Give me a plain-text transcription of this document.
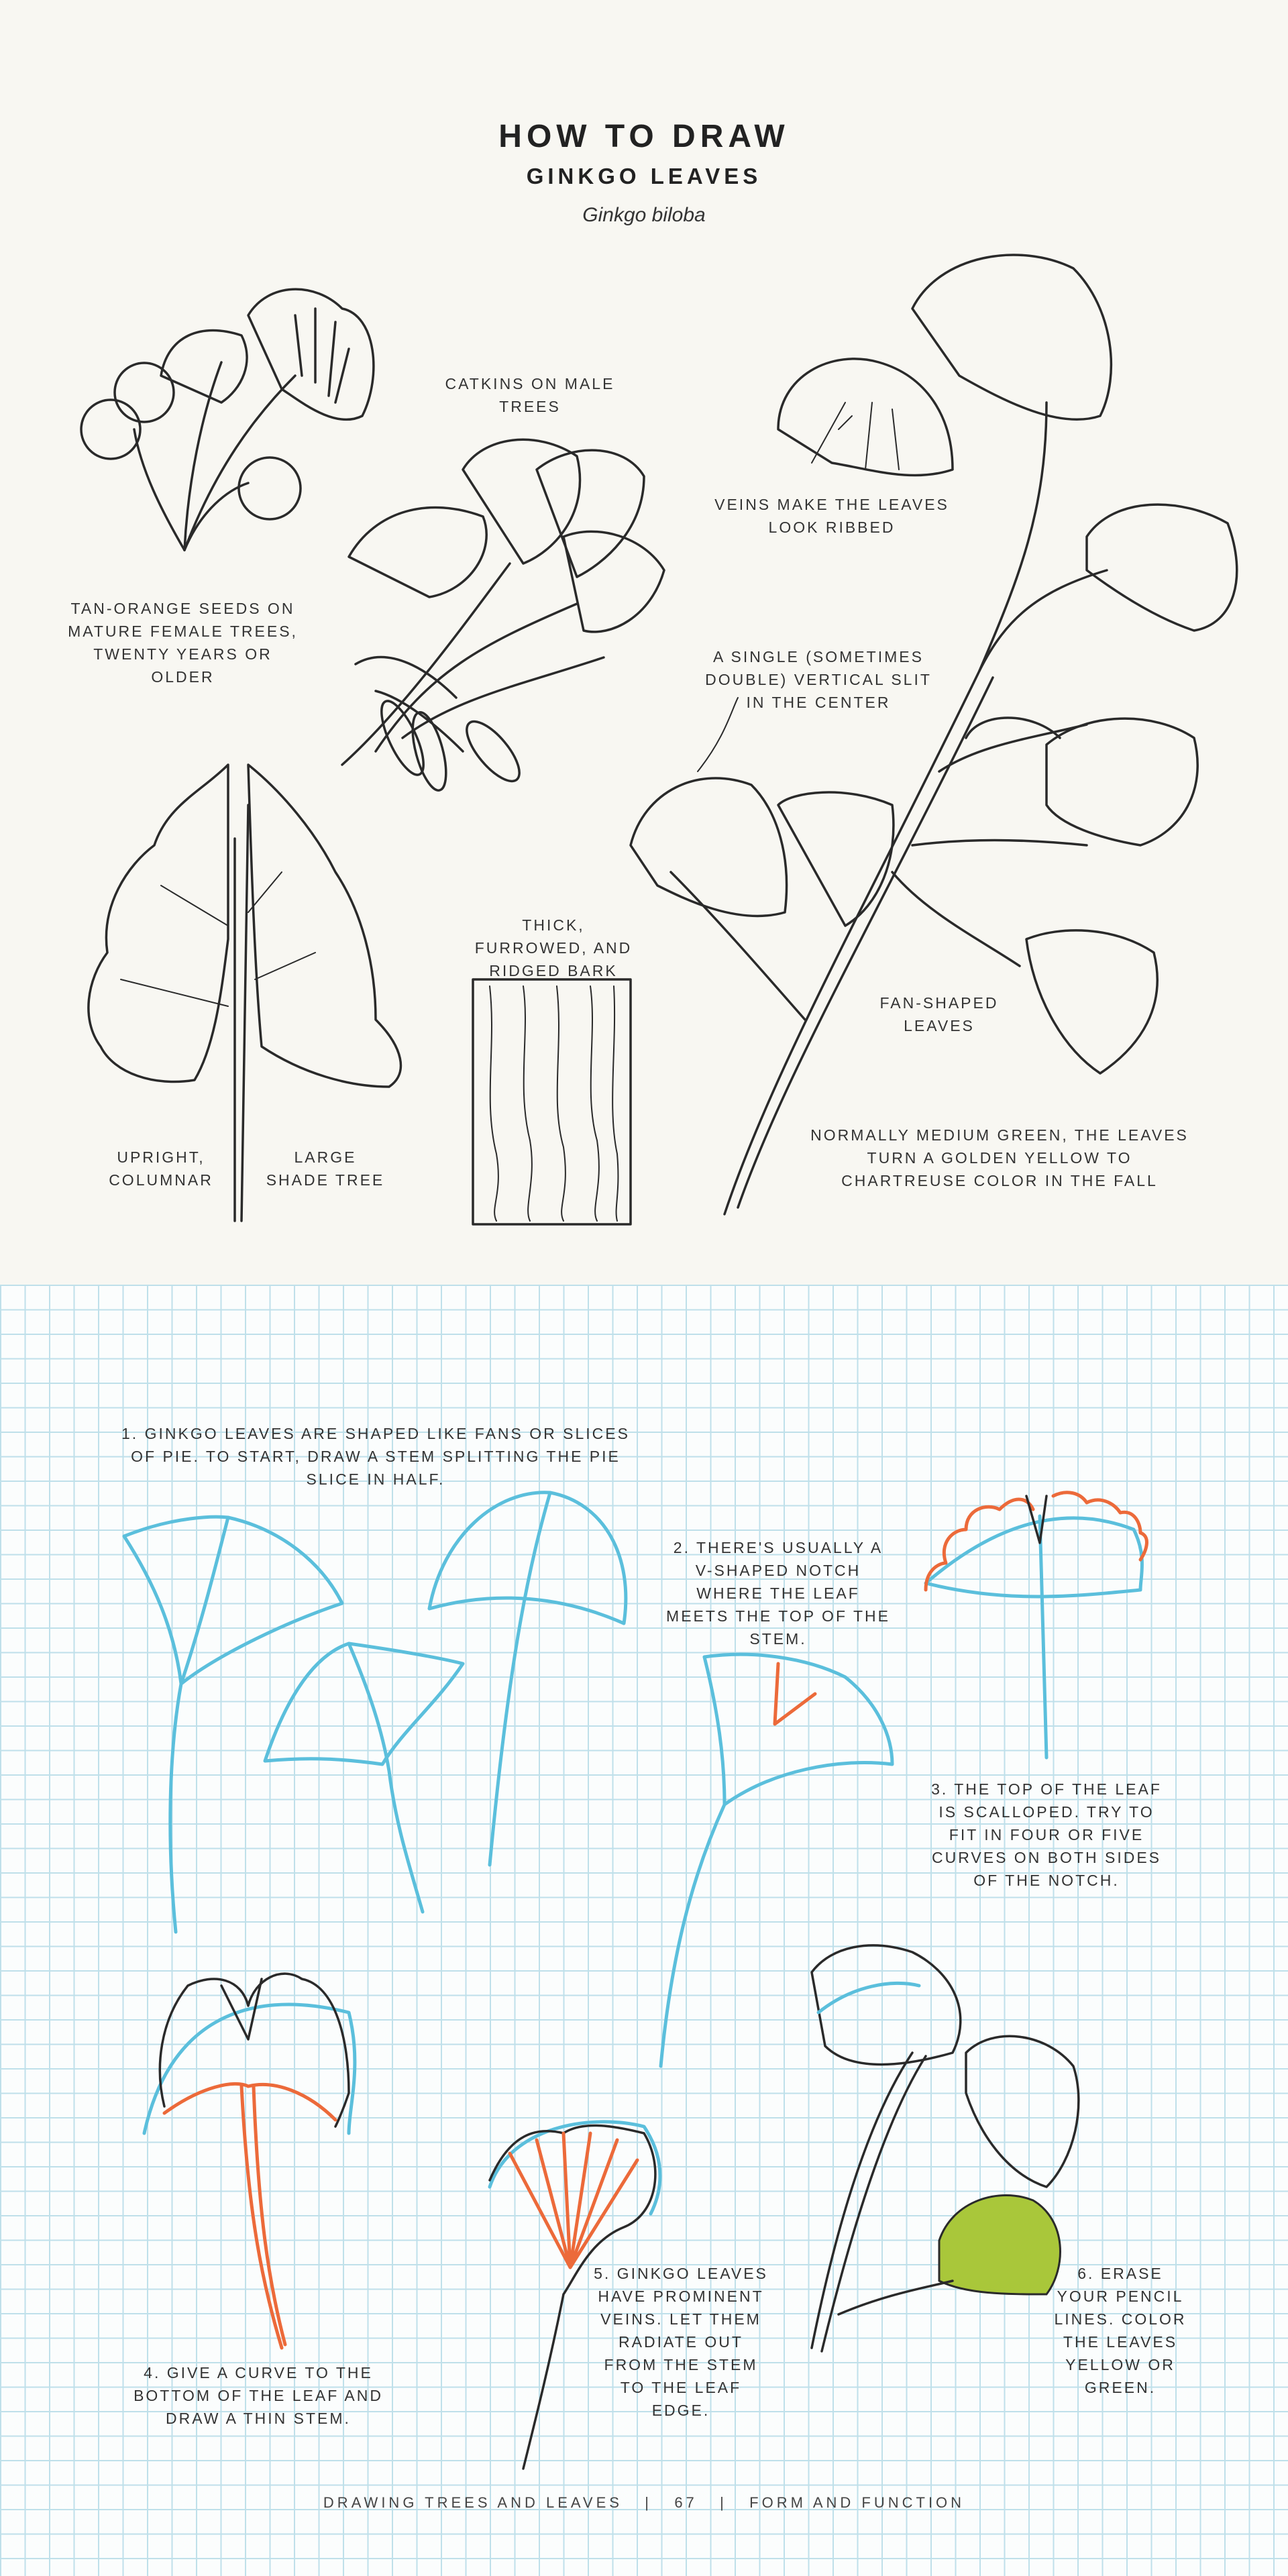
HOW TO DRAW
GINKGO LEAVES
Ginkgo biloba
TAN-ORANGE SEEDS ON MATURE FEMALE TREES, TWENTY YEARS OR OLDER
CATKINS ON MALE TREES
VEINS MAKE THE LEAVES LOOK RIBBED
A SINGLE (SOMETIMES DOUBLE) VERTICAL SLIT IN THE CENTER
THICK, FURROWED, AND RIDGED BARK
FAN-SHAPED LEAVES
UPRIGHT, COLUMNAR
LARGE SHADE TREE
NORMALLY MEDIUM GREEN, THE LEAVES TURN A GOLDEN YELLOW TO CHARTREUSE COLOR IN THE FALL
1. GINKGO LEAVES ARE SHAPED LIKE FANS OR SLICES OF PIE. TO START, DRAW A STEM SPLITTING THE PIE SLICE IN HALF.
2. THERE'S USUALLY A V-SHAPED NOTCH WHERE THE LEAF MEETS THE TOP OF THE STEM.
3. THE TOP OF THE LEAF IS SCALLOPED. TRY TO FIT IN FOUR OR FIVE CURVES ON BOTH SIDES OF THE NOTCH.
4. GIVE A CURVE TO THE BOTTOM OF THE LEAF AND DRAW A THIN STEM.
5. GINKGO LEAVES HAVE PROMINENT VEINS. LET THEM RADIATE OUT FROM THE STEM TO THE LEAF EDGE.
6. ERASE YOUR PENCIL LINES. COLOR THE LEAVES YELLOW OR GREEN.
DRAWING TREES AND LEAVES   |   67   |   FORM AND FUNCTION
